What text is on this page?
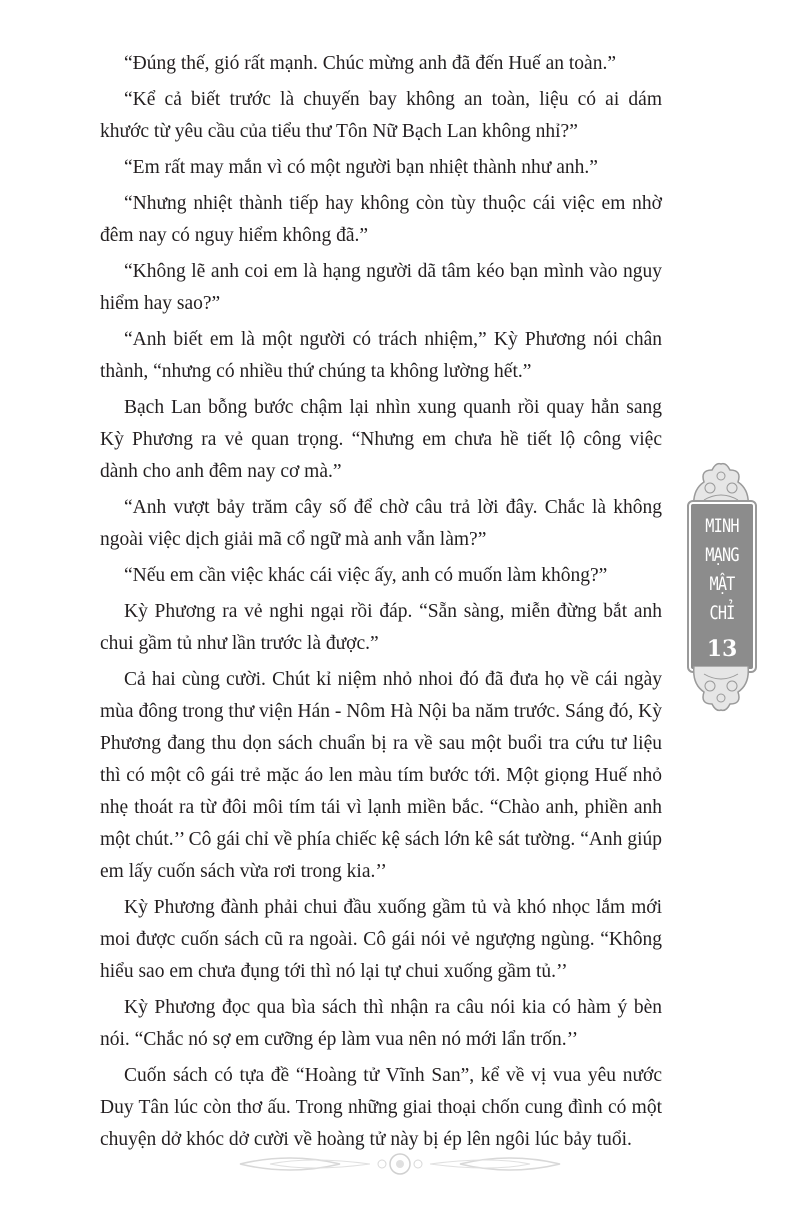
“Đúng thế, gió rất mạnh. Chúc mừng anh đã đến Huế an toàn.”
“Kể cả biết trước là chuyến bay không an toàn, liệu có ai dám
khước từ yêu cầu của tiểu thư Tôn Nữ Bạch Lan không nhỉ?”
“Em rất may mắn vì có một người bạn nhiệt thành như anh.”
“Nhưng nhiệt thành tiếp hay không còn tùy thuộc cái việc em nhờ
đêm nay có nguy hiểm không đã.”
“Không lẽ anh coi em là hạng người dã tâm kéo bạn mình vào nguy
hiểm hay sao?”
“Anh biết em là một người có trách nhiệm,” Kỳ Phương nói chân
thành, “nhưng có nhiều thứ chúng ta không lường hết.”
Bạch Lan bỗng bước chậm lại nhìn xung quanh rồi quay hẳn sang
Kỳ Phương ra vẻ quan trọng. “Nhưng em chưa hề tiết lộ công việc
dành cho anh đêm nay cơ mà.”
“Anh vượt bảy trăm cây số để chờ câu trả lời đây. Chắc là không
ngoài việc dịch giải mã cổ ngữ mà anh vẫn làm?”
“Nếu em cần việc khác cái việc ấy, anh có muốn làm không?”
Kỳ Phương ra vẻ nghi ngại rồi đáp. “Sẵn sàng, miễn đừng bắt anh
chui gầm tủ như lần trước là được.”
Cả hai cùng cười. Chút kỉ niệm nhỏ nhoi đó đã đưa họ về cái ngày
mùa đông trong thư viện Hán - Nôm Hà Nội ba năm trước. Sáng đó, Kỳ
Phương đang thu dọn sách chuẩn bị ra về sau một buổi tra cứu tư liệu
thì có một cô gái trẻ mặc áo len màu tím bước tới. Một giọng Huế nhỏ
nhẹ thoát ra từ đôi môi tím tái vì lạnh miền bắc. “Chào anh, phiền anh
một chút.’’ Cô gái chỉ về phía chiếc kệ sách lớn kê sát tường. “Anh giúp
em lấy cuốn sách vừa rơi trong kia.’’
Kỳ Phương đành phải chui đầu xuống gầm tủ và khó nhọc lắm mới
moi được cuốn sách cũ ra ngoài. Cô gái nói vẻ ngượng ngùng. “Không
hiểu sao em chưa đụng tới thì nó lại tự chui xuống gầm tủ.’’
Kỳ Phương đọc qua bìa sách thì nhận ra câu nói kia có hàm ý bèn
nói. “Chắc nó sợ em cưỡng ép làm vua nên nó mới lẩn trốn.’’
Cuốn sách có tựa đề “Hoàng tử Vĩnh San”, kể về vị vua yêu nước
Duy Tân lúc còn thơ ấu. Trong những giai thoại chốn cung đình có một
chuyện dở khóc dở cười về hoàng tử này bị ép lên ngôi lúc bảy tuổi.
MINH
MẠNG
MẬT
CHỈ
13
